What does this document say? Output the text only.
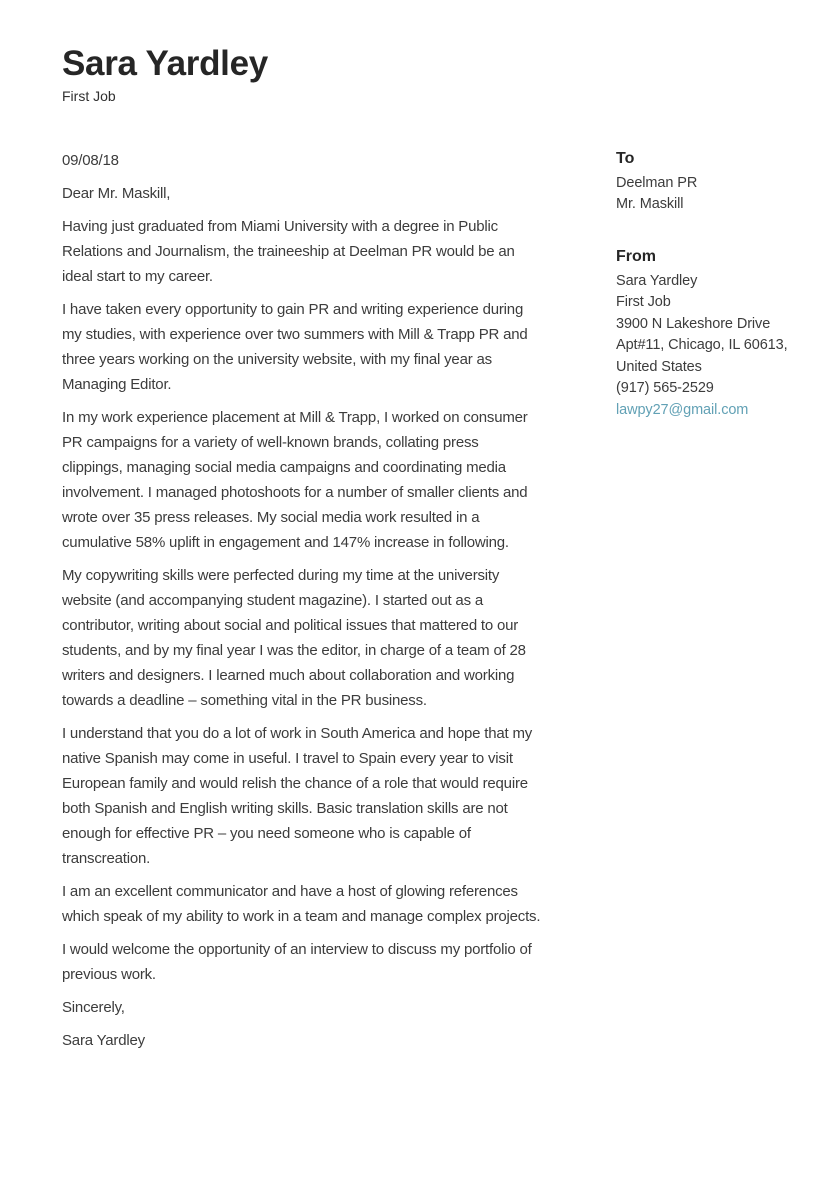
Sara Yardley
First Job

09/08/18

Dear Mr. Maskill,

Having just graduated from Miami University with a degree in Public Relations and Journalism, the traineeship at Deelman PR would be an ideal start to my career.

I have taken every opportunity to gain PR and writing experience during my studies, with experience over two summers with Mill & Trapp PR and three years working on the university website, with my final year as Managing Editor.

In my work experience placement at Mill & Trapp, I worked on consumer PR campaigns for a variety of well-known brands, collating press clippings, managing social media campaigns and coordinating media involvement. I managed photoshoots for a number of smaller clients and wrote over 35 press releases. My social media work resulted in a cumulative 58% uplift in engagement and 147% increase in following.

My copywriting skills were perfected during my time at the university website (and accompanying student magazine). I started out as a contributor, writing about social and political issues that mattered to our students, and by my final year I was the editor, in charge of a team of 28 writers and designers. I learned much about collaboration and working towards a deadline – something vital in the PR business.

I understand that you do a lot of work in South America and hope that my native Spanish may come in useful. I travel to Spain every year to visit European family and would relish the chance of a role that would require both Spanish and English writing skills. Basic translation skills are not enough for effective PR – you need someone who is capable of transcreation.

I am an excellent communicator and have a host of glowing references which speak of my ability to work in a team and manage complex projects.

I would welcome the opportunity of an interview to discuss my portfolio of previous work.

Sincerely,

Sara Yardley

To
Deelman PR
Mr. Maskill
From
Sara Yardley
First Job
3900 N Lakeshore Drive
Apt#11, Chicago, IL 60613,
United States
(917) 565-2529
lawpy27@gmail.com
